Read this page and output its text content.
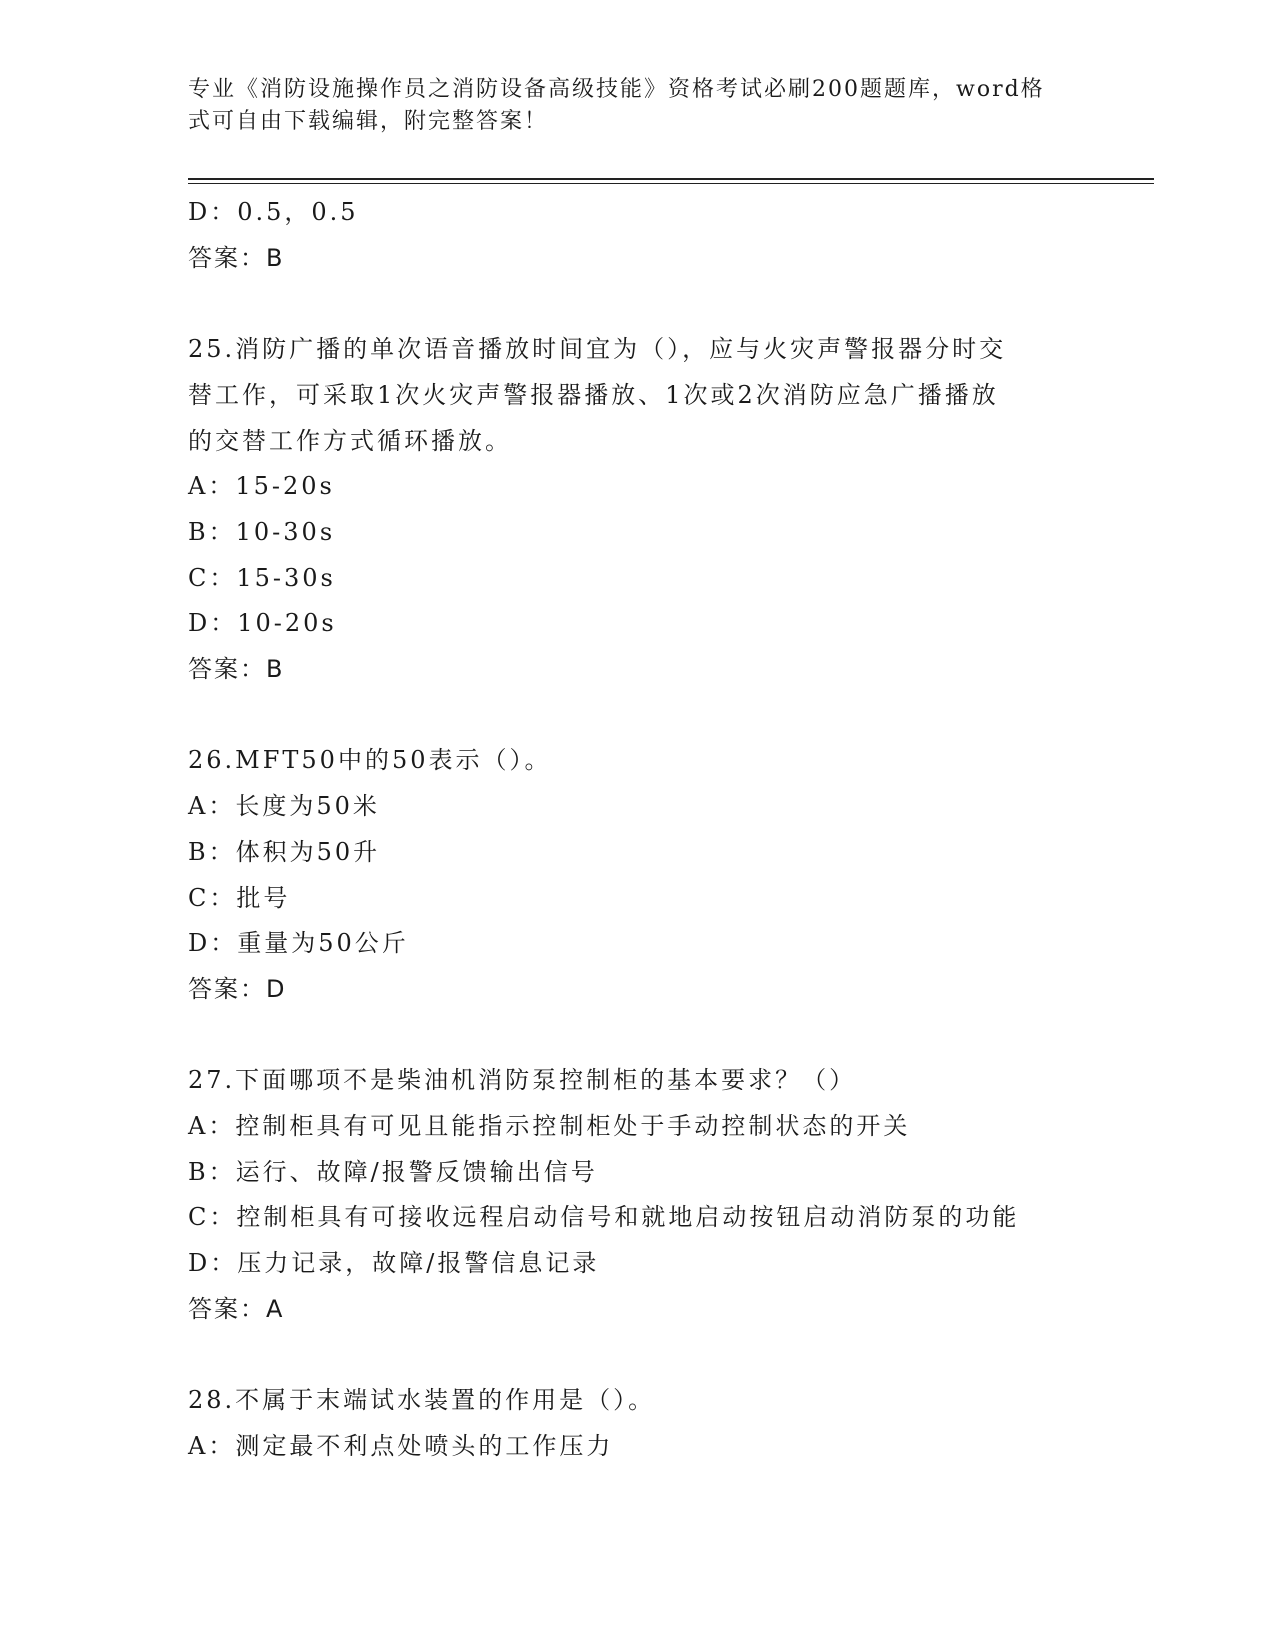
专业《消防设施操作员之消防设备高级技能》资格考试必刷200题题库，word格
式可自由下载编辑，附完整答案！
D：0.5，0.5
答案：B
25.消防广播的单次语音播放时间宜为（），应与火灾声警报器分时交
替工作，可采取1次火灾声警报器播放、1次或2次消防应急广播播放
的交替工作方式循环播放。
A：15-20s
B：10-30s
C：15-30s
D：10-20s
答案：B
26.MFT50中的50表示（）。
A：长度为50米
B：体积为50升
C：批号
D：重量为50公斤
答案：D
27.下面哪项不是柴油机消防泵控制柜的基本要求？（）
A：控制柜具有可见且能指示控制柜处于手动控制状态的开关
B：运行、故障/报警反馈输出信号
C：控制柜具有可接收远程启动信号和就地启动按钮启动消防泵的功能
D：压力记录，故障/报警信息记录
答案：A
28.不属于末端试水装置的作用是（）。
A：测定最不利点处喷头的工作压力
